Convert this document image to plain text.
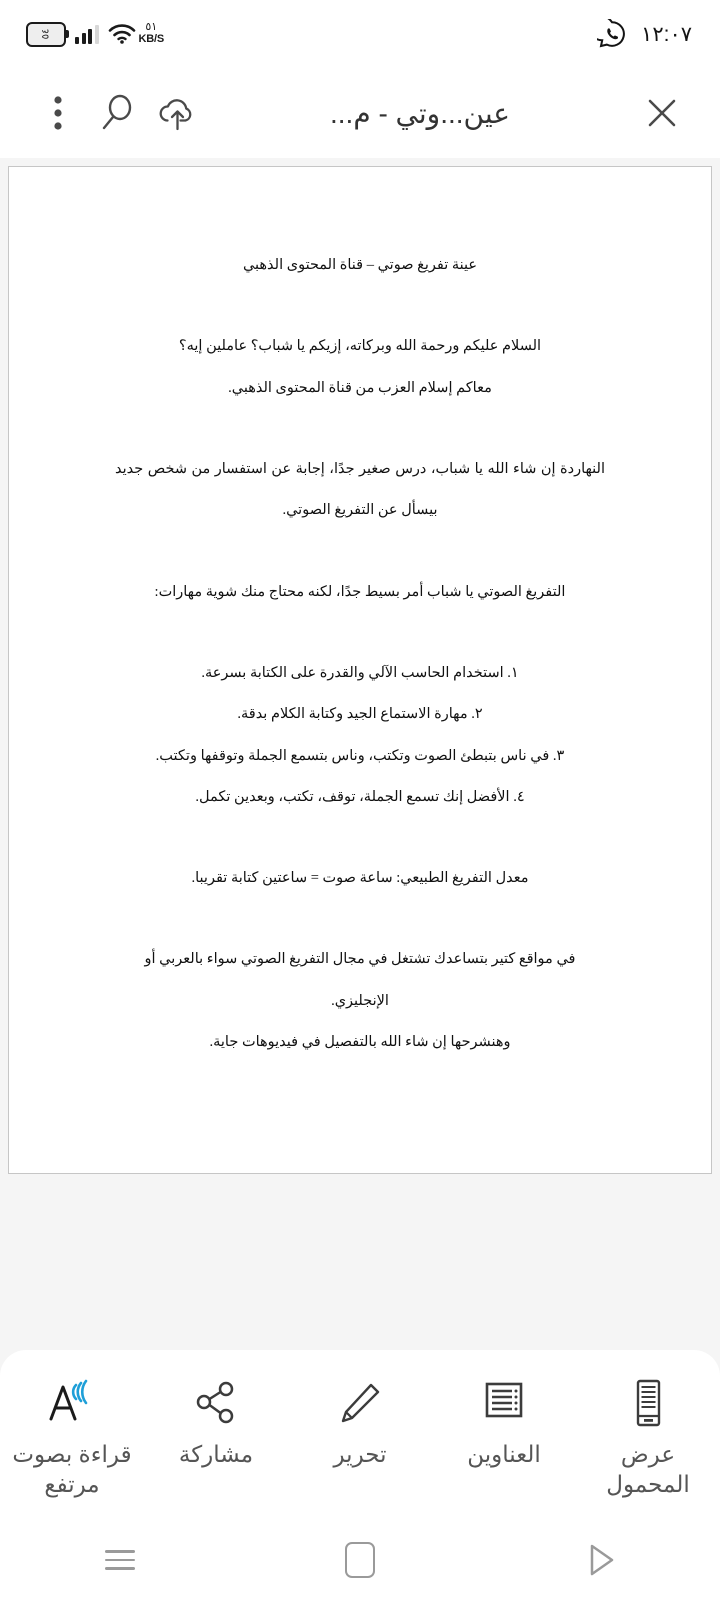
٥٤
٥١
KB/S	١٢:٠٧
عين...وتي - م...

عينة تفريغ صوتي – قناة المحتوى الذهبي

السلام عليكم ورحمة الله وبركاته، إزيكم يا شباب؟ عاملين إيه؟

معاكم إسلام العزب من قناة المحتوى الذهبي.

النهاردة إن شاء الله يا شباب، درس صغير جدًا، إجابة عن استفسار من شخص جديد بيسأل عن التفريغ الصوتي.

التفريغ الصوتي يا شباب أمر بسيط جدًا، لكنه محتاج منك شوية مهارات:

١. استخدام الحاسب الآلي والقدرة على الكتابة بسرعة.

٢. مهارة الاستماع الجيد وكتابة الكلام بدقة.

٣. في ناس بتبطئ الصوت وتكتب، وناس بتسمع الجملة وتوقفها وتكتب.

٤. الأفضل إنك تسمع الجملة، توقف، تكتب، وبعدين تكمل.

معدل التفريغ الطبيعي: ساعة صوت = ساعتين كتابة تقريبا.

في مواقع كتير بتساعدك تشتغل في مجال التفريغ الصوتي سواء بالعربي أو الإنجليزي.

وهنشرحها إن شاء الله بالتفصيل في فيديوهات جاية.

عرض المحمول
العناوين
تحرير
مشاركة
قراءة بصوت مرتفع
